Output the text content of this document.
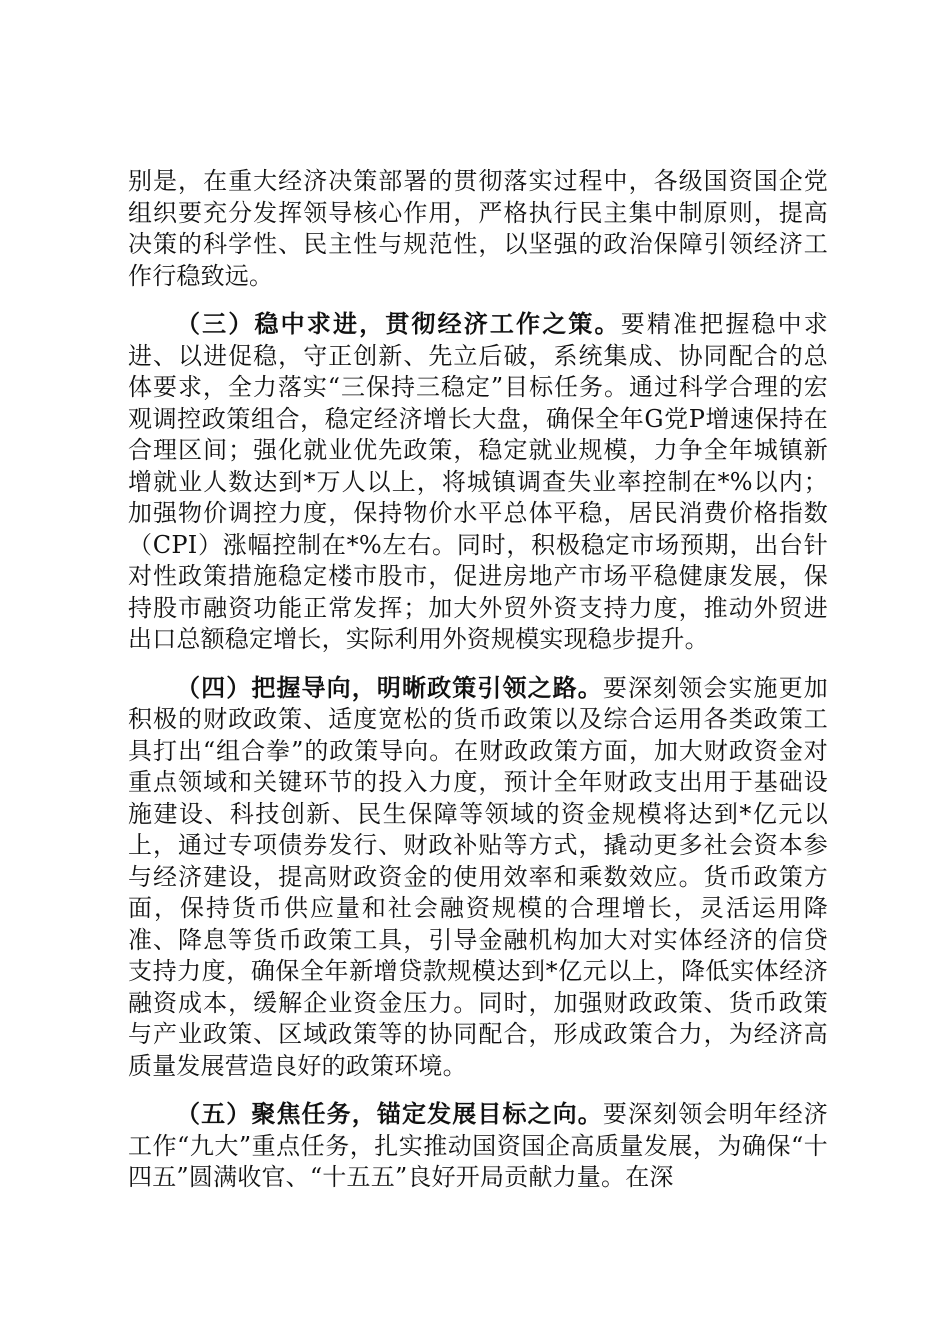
别是，在重大经济决策部署的贯彻落实过程中，各级国资国企党组织要充分发挥领导核心作用，严格执行民主集中制原则，提高决策的科学性、民主性与规范性，以坚强的政治保障引领经济工作行稳致远。

（三）稳中求进，贯彻经济工作之策。要精准把握稳中求进、以进促稳，守正创新、先立后破，系统集成、协同配合的总体要求，全力落实“三保持三稳定”目标任务。通过科学合理的宏观调控政策组合，稳定经济增长大盘，确保全年G党P增速保持在合理区间；强化就业优先政策，稳定就业规模，力争全年城镇新增就业人数达到*万人以上，将城镇调查失业率控制在*%以内；加强物价调控力度，保持物价水平总体平稳，居民消费价格指数（CPI）涨幅控制在*%左右。同时，积极稳定市场预期，出台针对性政策措施稳定楼市股市，促进房地产市场平稳健康发展，保持股市融资功能正常发挥；加大外贸外资支持力度，推动外贸进出口总额稳定增长，实际利用外资规模实现稳步提升。

（四）把握导向，明晰政策引领之路。要深刻领会实施更加积极的财政政策、适度宽松的货币政策以及综合运用各类政策工具打出“组合拳”的政策导向。在财政政策方面，加大财政资金对重点领域和关键环节的投入力度，预计全年财政支出用于基础设施建设、科技创新、民生保障等领域的资金规模将达到*亿元以上，通过专项债券发行、财政补贴等方式，撬动更多社会资本参与经济建设，提高财政资金的使用效率和乘数效应。货币政策方面，保持货币供应量和社会融资规模的合理增长，灵活运用降准、降息等货币政策工具，引导金融机构加大对实体经济的信贷支持力度，确保全年新增贷款规模达到*亿元以上，降低实体经济融资成本，缓解企业资金压力。同时，加强财政政策、货币政策与产业政策、区域政策等的协同配合，形成政策合力，为经济高质量发展营造良好的政策环境。

（五）聚焦任务，锚定发展目标之向。要深刻领会明年经济工作“九大”重点任务，扎实推动国资国企高质量发展，为确保“十四五”圆满收官、“十五五”良好开局贡献力量。在深
